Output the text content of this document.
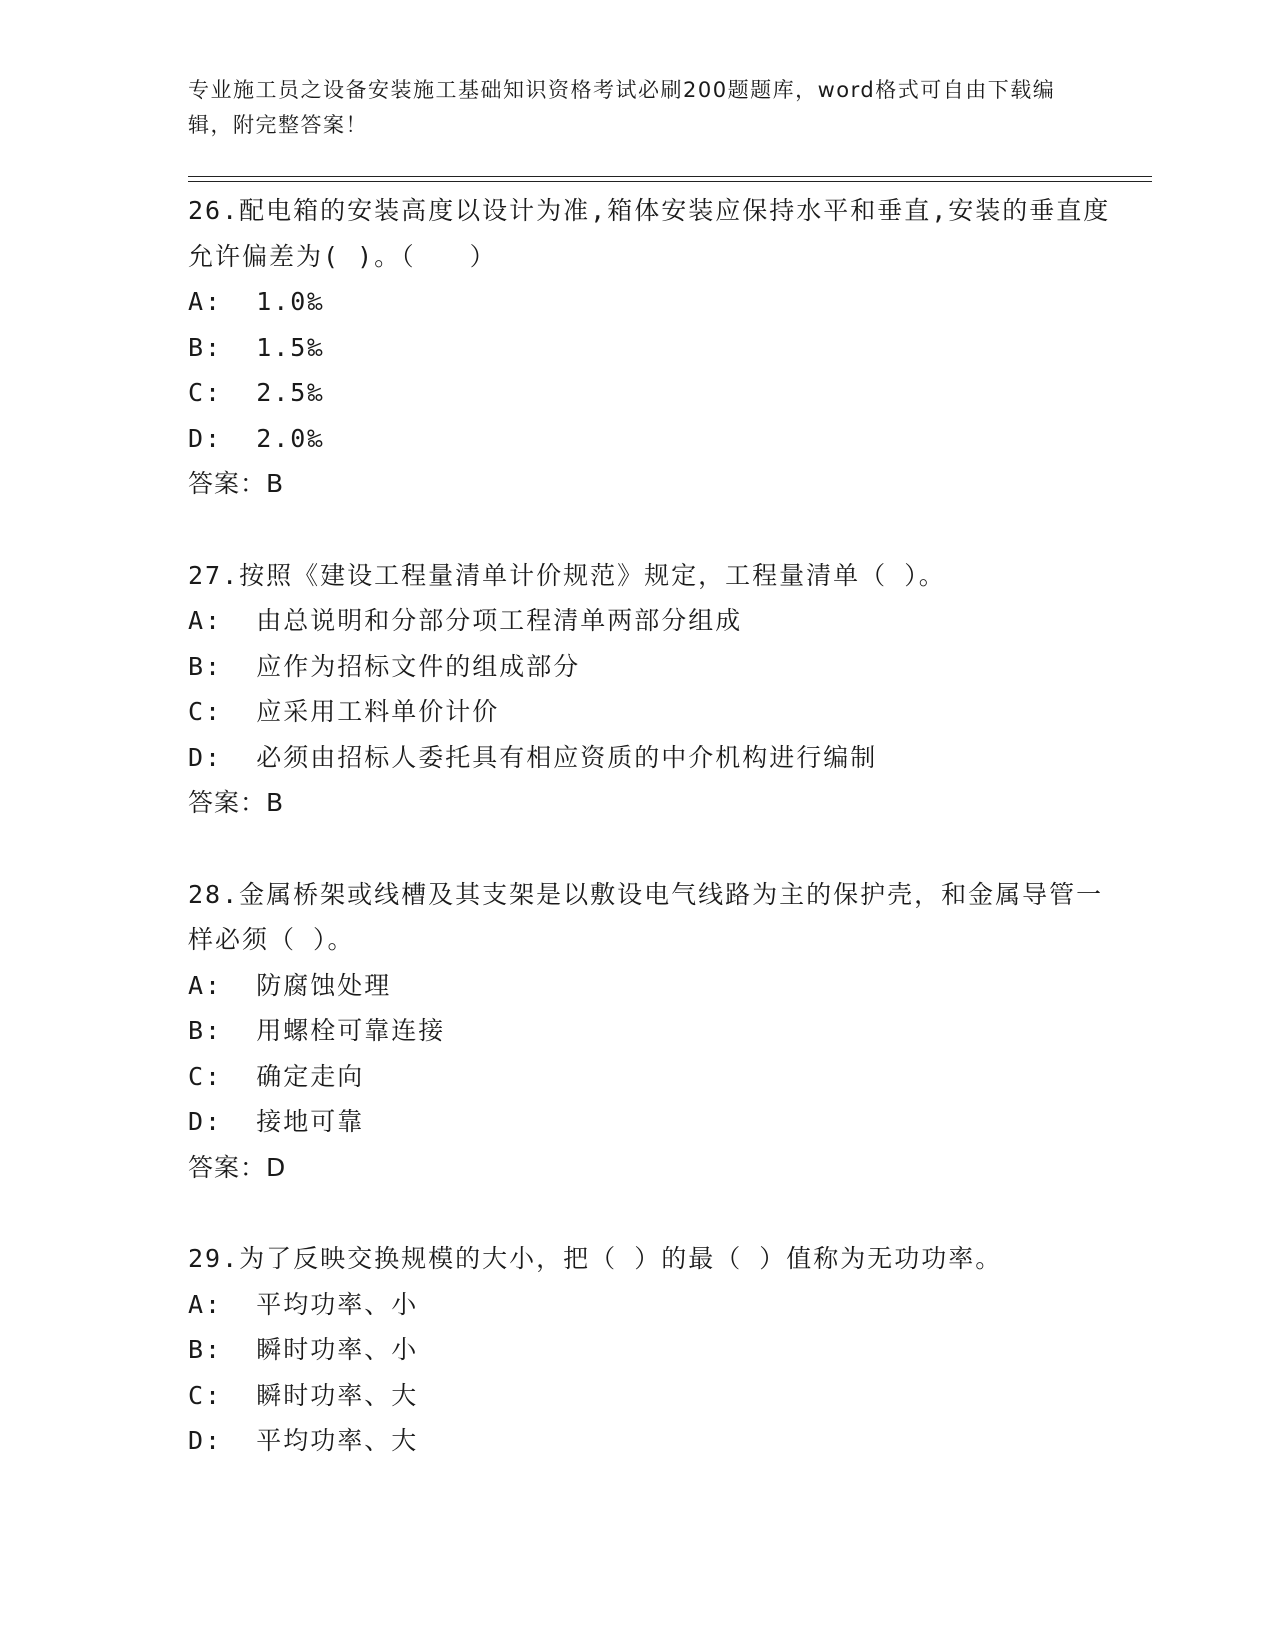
专业施工员之设备安装施工基础知识资格考试必刷200题题库，word格式可自由下载编辑，附完整答案！
26.配电箱的安装高度以设计为准,箱体安装应保持水平和垂直,安装的垂直度允许偏差为( )。（　　）
A:  1.0‰
B:  1.5‰
C:  2.5‰
D:  2.0‰
答案：B
27.按照《建设工程量清单计价规范》规定，工程量清单（ ）。
A:  由总说明和分部分项工程清单两部分组成
B:  应作为招标文件的组成部分
C:  应采用工料单价计价
D:  必须由招标人委托具有相应资质的中介机构进行编制
答案：B
28.金属桥架或线槽及其支架是以敷设电气线路为主的保护壳，和金属导管一样必须（ ）。
A:  防腐蚀处理
B:  用螺栓可靠连接
C:  确定走向
D:  接地可靠
答案：D
29.为了反映交换规模的大小，把（ ）的最（ ）值称为无功功率。
A:  平均功率、小
B:  瞬时功率、小
C:  瞬时功率、大
D:  平均功率、大
